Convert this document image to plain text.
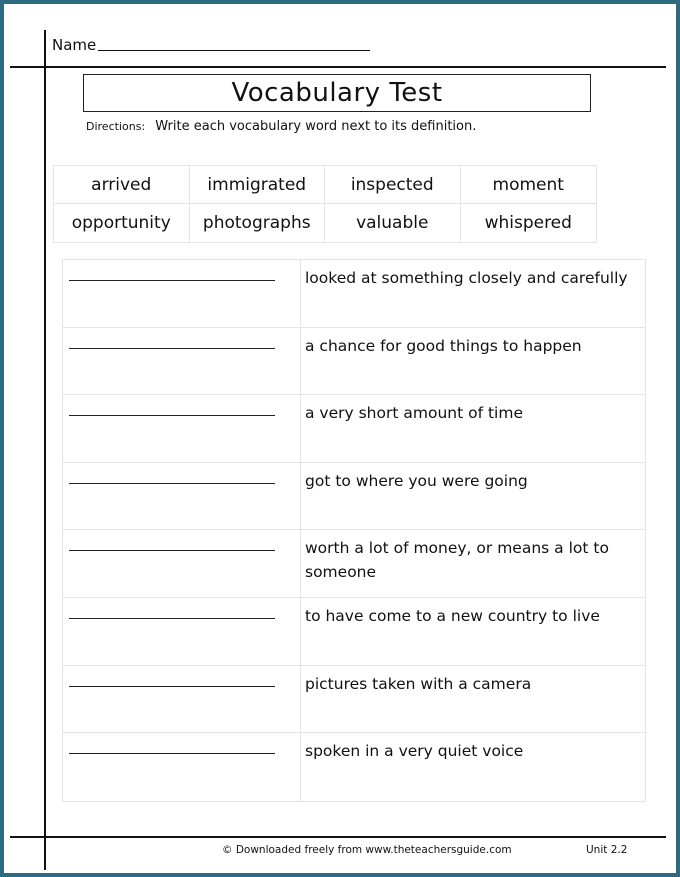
Name
Vocabulary Test
Directions: Write each vocabulary word next to its definition.
arrived	immigrated	inspected	moment
opportunity	photographs	valuable	whispered
looked at something closely and carefully
a chance for good things to happen
a very short amount of time
got to where you were going
worth a lot of money, or means a lot to someone
to have come to a new country to live
pictures taken with a camera
spoken in a very quiet voice
© Downloaded freely from www.theteachersguide.com	Unit 2.2
